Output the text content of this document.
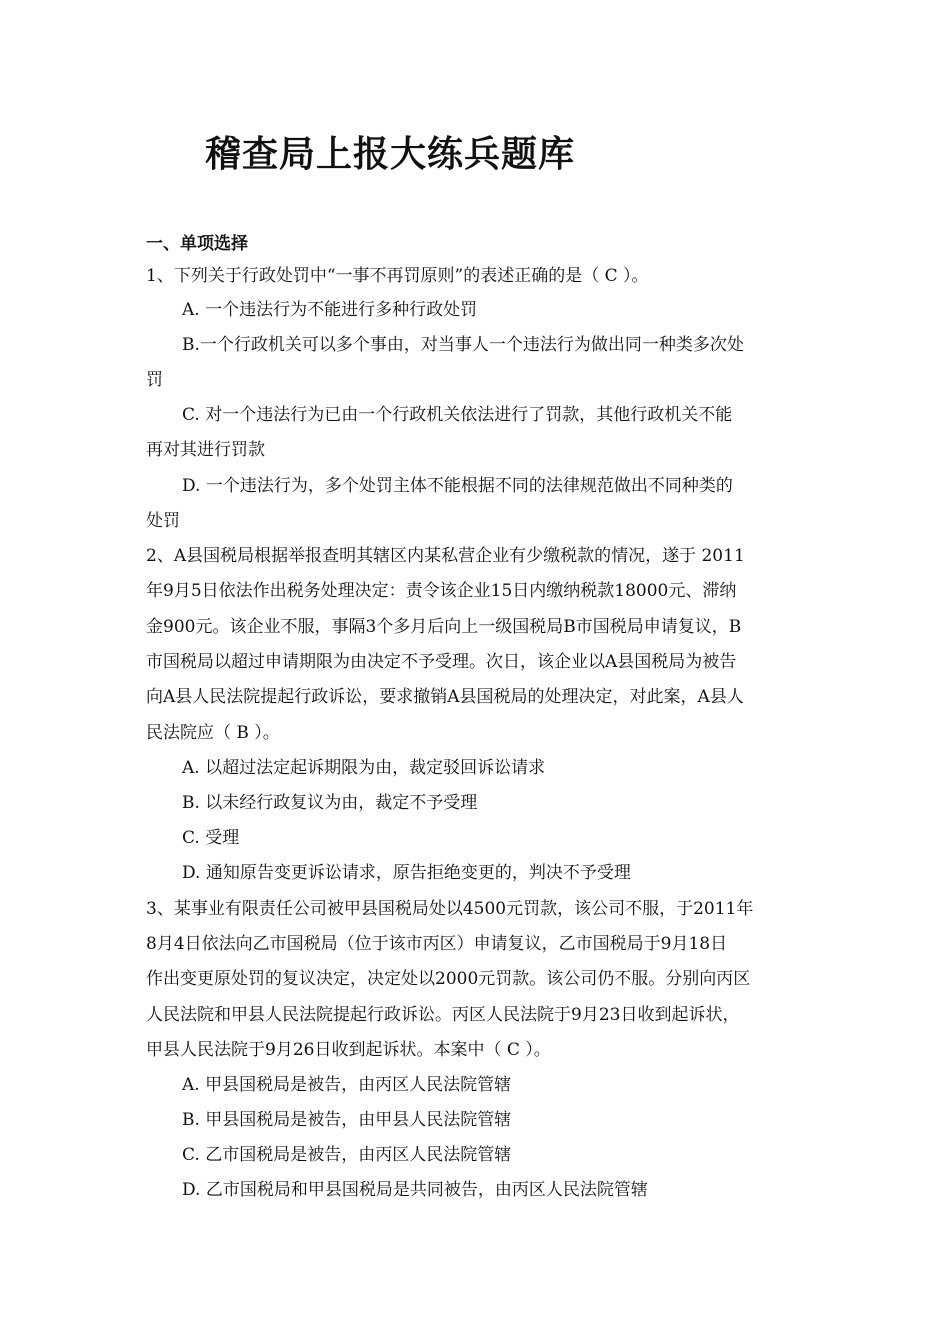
稽查局上报大练兵题库
一、单项选择
1、下列关于行政处罚中“一事不再罚原则”的表述正确的是（ C ）。
A. 一个违法行为不能进行多种行政处罚
B.一个行政机关可以多个事由，对当事人一个违法行为做出同一种类多次处
罚
C. 对一个违法行为已由一个行政机关依法进行了罚款，其他行政机关不能
再对其进行罚款
D. 一个违法行为，多个处罚主体不能根据不同的法律规范做出不同种类的
处罚
2、A县国税局根据举报查明其辖区内某私营企业有少缴税款的情况，遂于 2011
年9月5日依法作出税务处理决定：责令该企业15日内缴纳税款18000元、滞纳
金900元。该企业不服，事隔3个多月后向上一级国税局B市国税局申请复议，B
市国税局以超过申请期限为由决定不予受理。次日，该企业以A县国税局为被告
向A县人民法院提起行政诉讼，要求撤销A县国税局的处理决定，对此案，A县人
民法院应（ B ）。
A. 以超过法定起诉期限为由，裁定驳回诉讼请求
B. 以未经行政复议为由，裁定不予受理
C. 受理
D. 通知原告变更诉讼请求，原告拒绝变更的，判决不予受理
3、某事业有限责任公司被甲县国税局处以4500元罚款，该公司不服，于2011年
8月4日依法向乙市国税局（位于该市丙区）申请复议，乙市国税局于9月18日
作出变更原处罚的复议决定，决定处以2000元罚款。该公司仍不服。分别向丙区
人民法院和甲县人民法院提起行政诉讼。丙区人民法院于9月23日收到起诉状，
甲县人民法院于9月26日收到起诉状。本案中（ C ）。
A. 甲县国税局是被告，由丙区人民法院管辖
B. 甲县国税局是被告，由甲县人民法院管辖
C. 乙市国税局是被告，由丙区人民法院管辖
D. 乙市国税局和甲县国税局是共同被告，由丙区人民法院管辖
